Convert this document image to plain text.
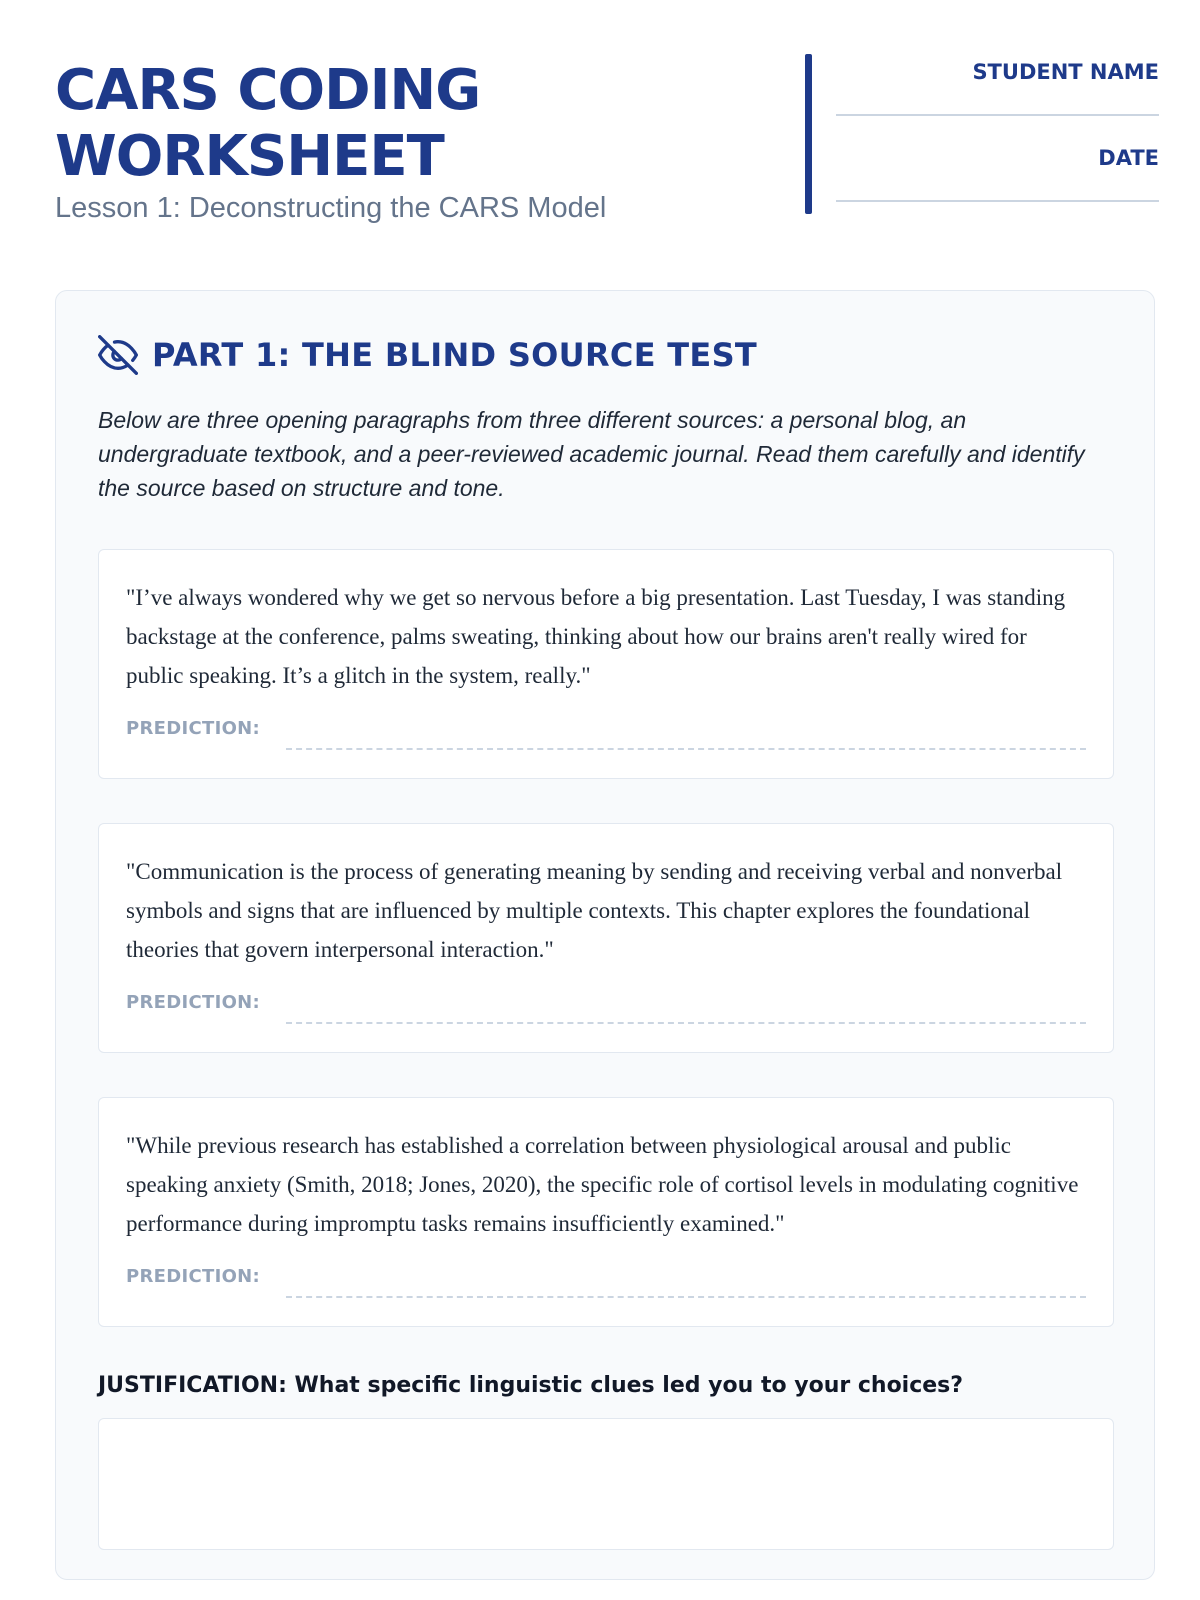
CARS CODING
WORKSHEET
Lesson 1: Deconstructing the CARS Model
STUDENT NAME
DATE
PART 1: THE BLIND SOURCE TEST
Below are three opening paragraphs from three different sources: a personal blog, an undergraduate textbook, and a peer-reviewed academic journal. Read them carefully and identify the source based on structure and tone.
"I’ve always wondered why we get so nervous before a big presentation. Last Tuesday, I was standing backstage at the conference, palms sweating, thinking about how our brains aren't really wired for public speaking. It’s a glitch in the system, really."
PREDICTION:
"Communication is the process of generating meaning by sending and receiving verbal and nonverbal symbols and signs that are influenced by multiple contexts. This chapter explores the foundational theories that govern interpersonal interaction."
PREDICTION:
"While previous research has established a correlation between physiological arousal and public speaking anxiety (Smith, 2018; Jones, 2020), the specific role of cortisol levels in modulating cognitive performance during impromptu tasks remains insufficiently examined."
PREDICTION:
JUSTIFICATION: What specific linguistic clues led you to your choices?
